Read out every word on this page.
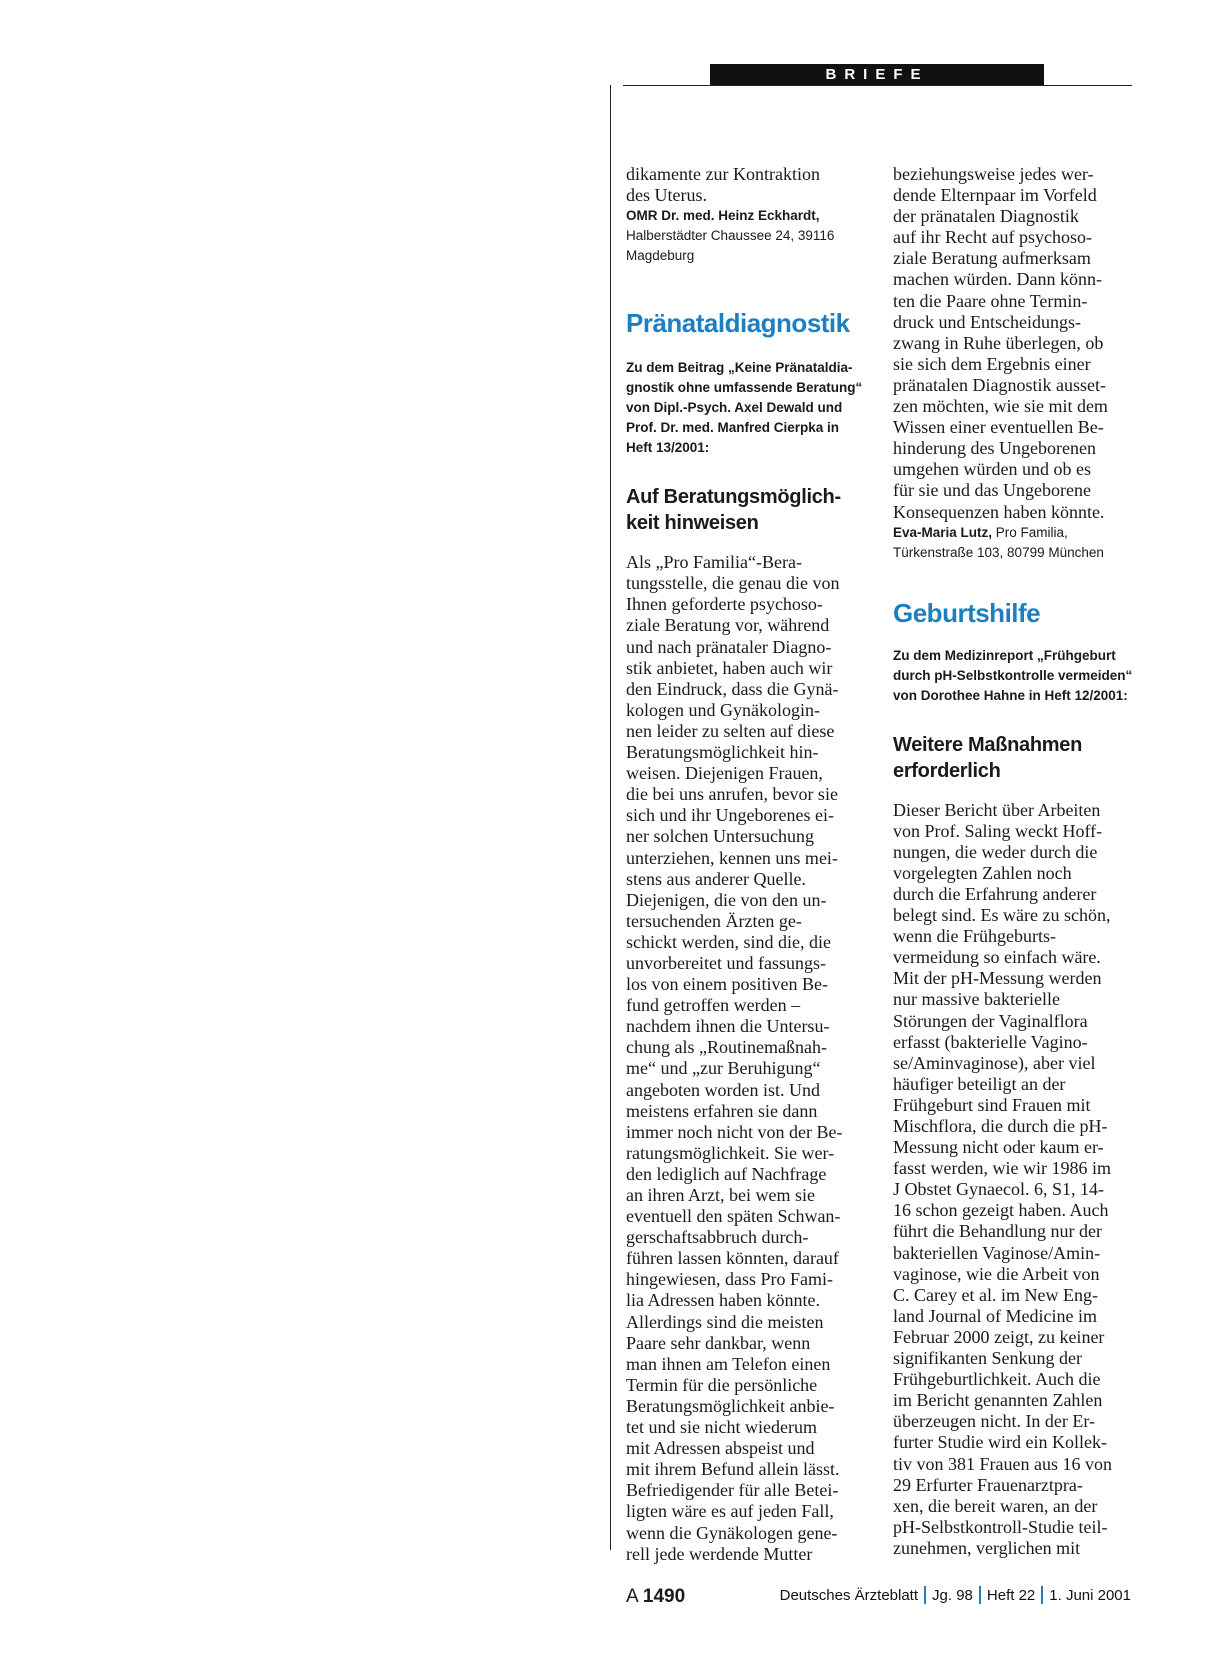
BRIEFE

dikamente zur Kontraktion
des Uterus.

OMR Dr. med. Heinz Eckhardt,
Halberstädter Chaussee 24, 39116
Magdeburg

Pränataldiagnostik

Zu dem Beitrag „Keine Pränataldia-
gnostik ohne umfassende Beratung“
von Dipl.-Psych. Axel Dewald und
Prof. Dr. med. Manfred Cierpka in
Heft 13/2001:

Auf Beratungsmöglich-
keit hinweisen

Als „Pro Familia“-Bera-
tungsstelle, die genau die von
Ihnen geforderte psychoso-
ziale Beratung vor, während
und nach pränataler Diagno-
stik anbietet, haben auch wir
den Eindruck, dass die Gynä-
kologen und Gynäkologin-
nen leider zu selten auf diese
Beratungsmöglichkeit hin-
weisen. Diejenigen Frauen,
die bei uns anrufen, bevor sie
sich und ihr Ungeborenes ei-
ner solchen Untersuchung
unterziehen, kennen uns mei-
stens aus anderer Quelle.
Diejenigen, die von den un-
tersuchenden Ärzten ge-
schickt werden, sind die, die
unvorbereitet und fassungs-
los von einem positiven Be-
fund getroffen werden –
nachdem ihnen die Untersu-
chung als „Routinemaßnah-
me“ und „zur Beruhigung“
angeboten worden ist. Und
meistens erfahren sie dann
immer noch nicht von der Be-
ratungsmöglichkeit. Sie wer-
den lediglich auf Nachfrage
an ihren Arzt, bei wem sie
eventuell den späten Schwan-
gerschaftsabbruch durch-
führen lassen könnten, darauf
hingewiesen, dass Pro Fami-
lia Adressen haben könnte.
Allerdings sind die meisten
Paare sehr dankbar, wenn
man ihnen am Telefon einen
Termin für die persönliche
Beratungsmöglichkeit anbie-
tet und sie nicht wiederum
mit Adressen abspeist und
mit ihrem Befund allein lässt.
Befriedigender für alle Betei-
ligten wäre es auf jeden Fall,
wenn die Gynäkologen gene-
rell jede werdende Mutter

beziehungsweise jedes wer-
dende Elternpaar im Vorfeld
der pränatalen Diagnostik
auf ihr Recht auf psychoso-
ziale Beratung aufmerksam
machen würden. Dann könn-
ten die Paare ohne Termin-
druck und Entscheidungs-
zwang in Ruhe überlegen, ob
sie sich dem Ergebnis einer
pränatalen Diagnostik ausset-
zen möchten, wie sie mit dem
Wissen einer eventuellen Be-
hinderung des Ungeborenen
umgehen würden und ob es
für sie und das Ungeborene
Konsequenzen haben könnte.

Eva-Maria Lutz, Pro Familia,
Türkenstraße 103, 80799 München

Geburtshilfe

Zu dem Medizinreport „Frühgeburt
durch pH-Selbstkontrolle vermeiden“
von Dorothee Hahne in Heft 12/2001:

Weitere Maßnahmen
erforderlich

Dieser Bericht über Arbeiten
von Prof. Saling weckt Hoff-
nungen, die weder durch die
vorgelegten Zahlen noch
durch die Erfahrung anderer
belegt sind. Es wäre zu schön,
wenn die Frühgeburts-
vermeidung so einfach wäre.
Mit der pH-Messung werden
nur massive bakterielle
Störungen der Vaginalflora
erfasst (bakterielle Vagino-
se/Aminvaginose), aber viel
häufiger beteiligt an der
Frühgeburt sind Frauen mit
Mischflora, die durch die pH-
Messung nicht oder kaum er-
fasst werden, wie wir 1986 im
J Obstet Gynaecol. 6, S1, 14-
16 schon gezeigt haben. Auch
führt die Behandlung nur der
bakteriellen Vaginose/Amin-
vaginose, wie die Arbeit von
C. Carey et al. im New Eng-
land Journal of Medicine im
Februar 2000 zeigt, zu keiner
signifikanten Senkung der
Frühgeburtlichkeit. Auch die
im Bericht genannten Zahlen
überzeugen nicht. In der Er-
furter Studie wird ein Kollek-
tiv von 381 Frauen aus 16 von
29 Erfurter Frauenarztpra-
xen, die bereit waren, an der
pH-Selbstkontroll-Studie teil-
zunehmen, verglichen mit

A 1490	Deutsches Ärzteblatt Jg. 98 Heft 22 1. Juni 2001
